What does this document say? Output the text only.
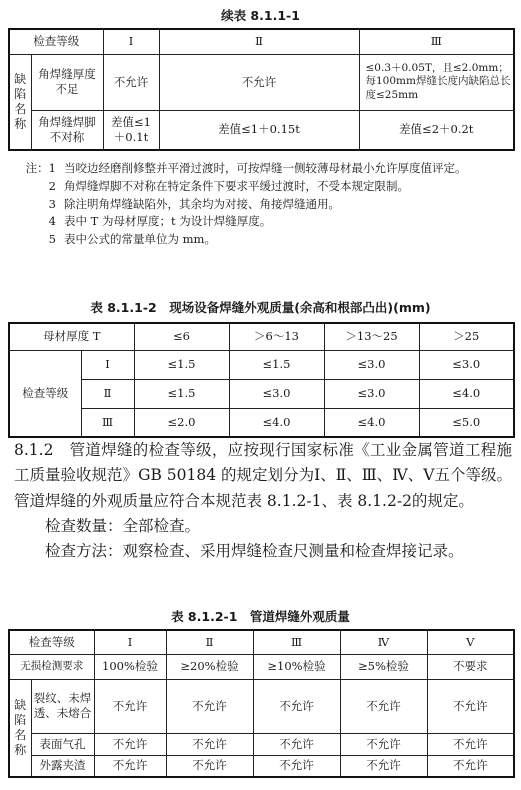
续表 8.1.1-1
检查等级		Ⅰ	Ⅱ	Ⅲ
缺
陷
名
称	角焊缝厚度不足	不允许	不允许	≤0.3＋0.05T，且≤2.0mm；每100mm焊缝长度内缺陷总长度≤25mm
	角焊缝焊脚不对称	差值≤1＋0.1t	差值≤1＋0.15t	差值≤2＋0.2t
注：1 当咬边经磨削修整并平滑过渡时，可按焊缝一侧较薄母材最小允许厚度值评定。
2 角焊缝焊脚不对称在特定条件下要求平缓过渡时，不受本规定限制。
3 除注明角焊缝缺陷外，其余均为对接、角接焊缝通用。
4 表中 T 为母材厚度；t 为设计焊缝厚度。
5 表中公式的常量单位为 mm。
表 8.1.1-2　现场设备焊缝外观质量(余高和根部凸出)(mm)
母材厚度 T		≤6	＞6～13	＞13～25	＞25
检查等级	Ⅰ	≤1.5	≤1.5	≤3.0	≤3.0
	Ⅱ	≤1.5	≤3.0	≤3.0	≤4.0
	Ⅲ	≤2.0	≤4.0	≤4.0	≤5.0
8.1.2　管道焊缝的检查等级，应按现行国家标准《工业金属管道工程施工质量验收规范》GB 50184 的规定划分为Ⅰ、Ⅱ、Ⅲ、Ⅳ、Ⅴ五个等级。管道焊缝的外观质量应符合本规范表 8.1.2-1、表 8.1.2-2的规定。
检查数量：全部检查。
检查方法：观察检查、采用焊缝检查尺测量和检查焊接记录。
表 8.1.2-1　管道焊缝外观质量
检查等级		Ⅰ	Ⅱ	Ⅲ	Ⅳ	Ⅴ
无损检测要求		100%检验	≥20%检验	≥10%检验	≥5%检验	不要求
缺
陷
名
称	裂纹、未焊透、未熔合	不允许	不允许	不允许	不允许	不允许
	表面气孔	不允许	不允许	不允许	不允许	不允许
	外露夹渣	不允许	不允许	不允许	不允许	不允许
